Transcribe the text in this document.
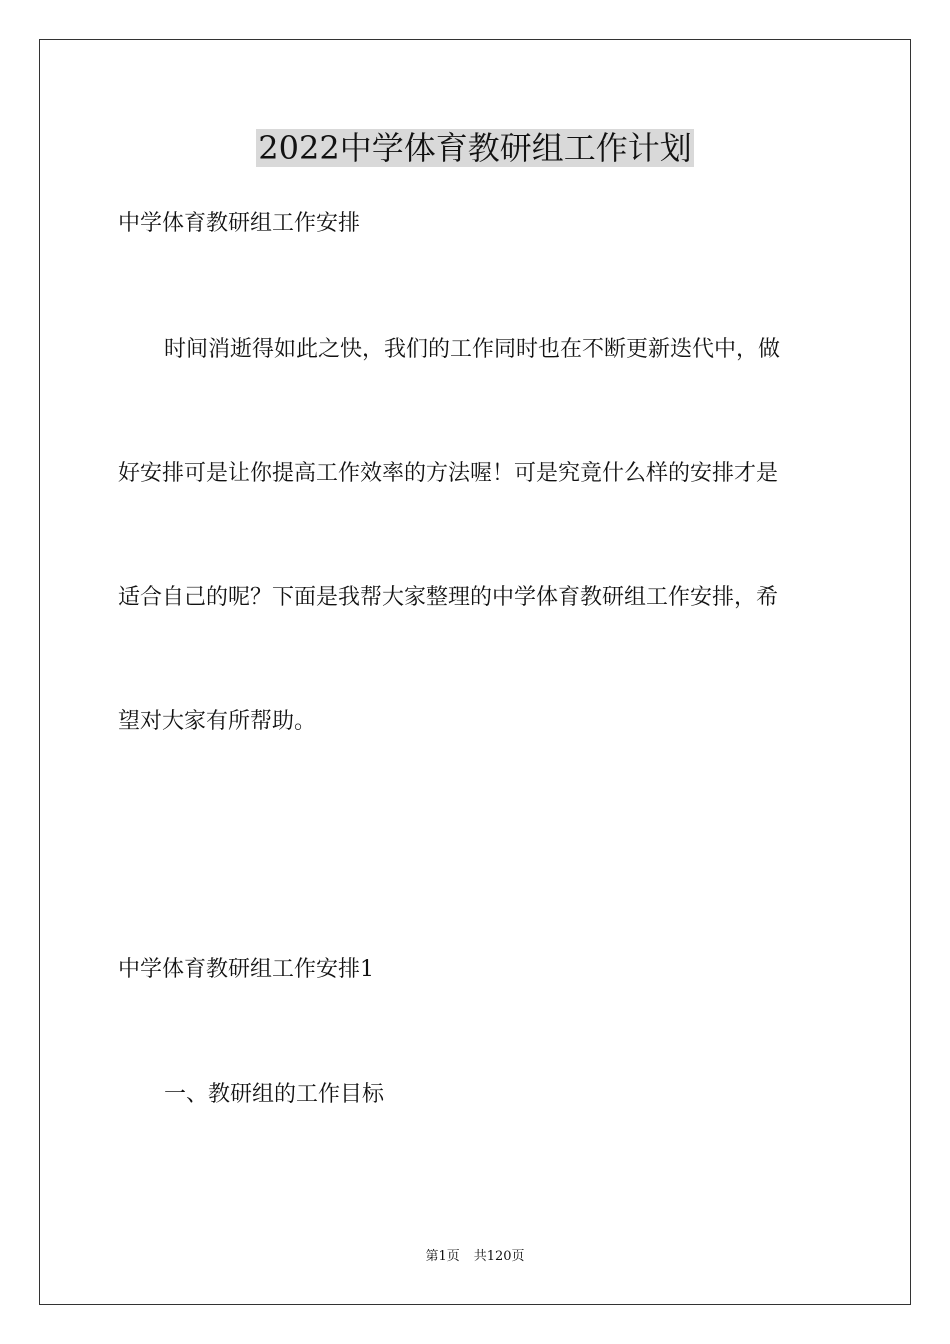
2022中学体育教研组工作计划
中学体育教研组工作安排
时间消逝得如此之快，我们的工作同时也在不断更新迭代中，做
好安排可是让你提高工作效率的方法喔！可是究竟什么样的安排才是
适合自己的呢？下面是我帮大家整理的中学体育教研组工作安排，希
望对大家有所帮助。
中学体育教研组工作安排1
一、教研组的工作目标
第1页 共120页
